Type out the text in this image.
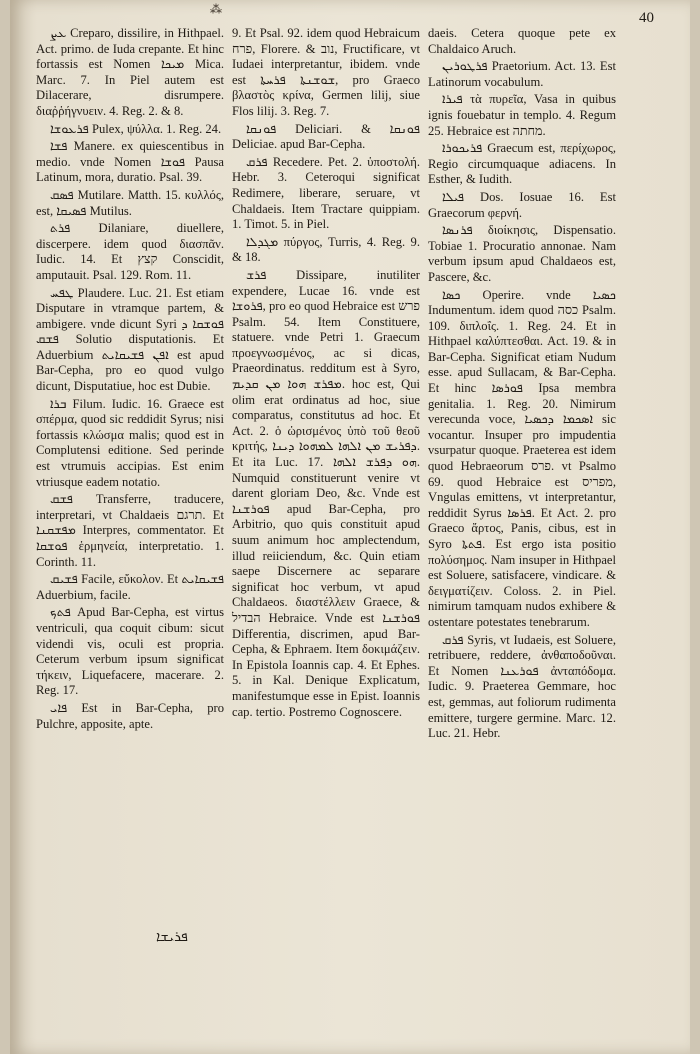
⁂
40

ܥܨ Creparo, dissilire, in Hithpael. Act. primo. de Iuda crepante. Et hinc fortassis est Nomen ܡܝܟܐ Mica. Marc. 7. In Piel autem est Dilacerare, disrumpere. διαῤῥήγνυειν. 4. Reg. 2. & 8.

ܦܪܥܘܫܐ Pulex, ψύλλα. 1. Reg. 24.

ܦܫܐ Manere. ex quiescentibus in medio. vnde Nomen ܦܘܫܐ Pausa Latinum, mora, duratio. Psal. 39.

ܦܣܩ Mutilare. Matth. 15. κυλλός, est, ܦܣܝܩܐ Mutilus.

ܦܪܬ Dilaniare, diuellere, discerpere. idem quod διασπᾶν. Iudic. 14. Et קצץ Conscidit, amputauit. Psal. 129. Rom. 11.

ܛܦܚ Plaudere. Luc. 21. Est etiam Disputare in vtramque partem, & ambigere. vnde dicunt Syri ܦܘܫܩܐ ܕ ܦܫܩ Solutio disputationis. Et Aduerbium ܐܦܢ ܦܫܝܩܐܝܬ est apud Bar-Cepha, pro eo quod vulgo dicunt, Disputatiue, hoc est Dubie.

ܒܪܐ Filum. Iudic. 16. Graece est σπέρμα, quod sic reddidit Syrus; nisi fortassis κλώσμα malis; quod est in Complutensi editione. Sed perinde est vtrumuis accipias. Est enim vtriusque eadem notatio.

ܦܫܩ Transferre, traducere, interpretari, vt Chaldaeis תרגם. Et ܡܦܫܩܢܐ Interpres, commentator. Et ܦܘܫܩܐ ἑρμηνεία, interpretatio. 1. Corinth. 11.

ܦܫܝܩ Facile, εὔκολον. Et ܦܫܝܩܐܝܬ Aduerbium, facile.

ܦܬܟ Apud Bar-Cepha, est virtus ventriculi, qua coquit cibum: sicut videndi vis, oculi est propria. Ceterum verbum ipsum significat τήκειν, Liquefacere, macerare. 2. Reg. 17.

ܦܐܝ Est in Bar-Cepha, pro Pulchre, apposite, apte.

9. Et Psal. 92. idem quod Hebraicum פרח, Florere. & נוב, Fructificare, vt Iudaei interpretantur, ibidem. vnde est ܫܘܫܢܬܐ ܦܪܚܬܐ, pro Graeco βλαστὸς κρίνα, Germen lilij, siue Flos lilij. 3. Reg. 7.

ܦܘܢܩܐ Deliciari. & ܦܘܢܩܐ Deliciae. apud Bar-Cepha.

ܦܪܩ Recedere. Pet. 2. ὑποστολή. Hebr. 3. Ceteroqui significat Redimere, liberare, seruare, vt Chaldaeis. Item Tractare quippiam. 1. Timot. 5. in Piel.

ܡܓܕܠܐ πύργος, Turris, 4. Reg. 9. & 18.

ܦܪܫ Dissipare, inutiliter expendere, Lucae 16. vnde est ܦܪܘܫܐ, pro eo quod Hebraice est פרש Psalm. 54. Item Constituere, statuere. vnde Petri 1. Graecum προεγνωσμένος, ac si dicas, Praeordinatus. redditum est à Syro, ܡܦܪܫ ܗܘܐ ܡܢ ܩܕܝܡ. hoc est, Qui olim erat ordinatus ad hoc, siue comparatus, constitutus ad hoc. Et Act. 2. ὁ ὡρισμένος ὑπὸ τοῦ θεοῦ κριτής, ܕܦܪܝܫ ܡܢ ܐܠܗܐ ܠܡܗܘܐ ܕܝܢܐ. Et ita Luc. 17. ܗܘ ܕܦܪܫ ܐܠܗܐ. Numquid constituerunt venire vt darent gloriam Deo, &c. Vnde est ܦܘܪܫܢܐ apud Bar-Cepha, pro Arbitrio, quo quis constituit apud suum animum hoc amplectendum, illud reiiciendum, &c. Quin etiam saepe Discernere ac separare significat hoc verbum, vt apud Chaldaeos. διαστέλλειν Graece, & הבדיל Hebraice. Vnde est ܦܘܪܫܢܐ Differentia, discrimen, apud Bar-Cepha, & Ephraem. Item δοκιμάζειν. In Epistola Ioannis cap. 4. Et Ephes. 5. in Kal. Denique Explicatum, manifestumque esse in Epist. Ioannis cap. tertio. Postremo Cognoscere.

daeis. Cetera quoque pete ex Chaldaico Aruch.

ܦܪܛܘܪܝܢ Praetorium. Act. 13. Est Latinorum vocabulum.

ܦܝܪܐ τὰ πυρεῖα, Vasa in quibus ignis fouebatur in templo. 4. Regum 25. Hebraice est מחתה.

ܦܪܝܟܘܪܐ Graecum est, περίχωρος, Regio circumquaque adiacens. In Esther, & Iudith.

ܦܝܠܐ Dos. Iosuae 16. Est Graecorum φερνή.

ܦܪܢܣܐ διοίκησις, Dispensatio. Tobiae 1. Procuratio annonae. Nam verbum ipsum apud Chaldaeos est, Pascere, &c.

ܟܣܐ Operire. vnde ܟܣܝܐ Indumentum. idem quod כסה Psalm. 109. διπλοΐς. 1. Reg. 24. Et in Hithpael καλύπτεσθαι. Act. 19. & in Bar-Cepha. Significat etiam Nudum esse. apud Sullacam, & Bar-Cepha. Et hinc ܦܘܪܣܐ Ipsa membra genitalia. 1. Reg. 20. Nimirum verecunda voce, ܐܣܟܡܐ ܕܟܣܝܐ sic vocantur. Insuper pro impudentia vsurpatur quoque. Praeterea est idem quod Hebraeorum פרס. vt Psalmo 69. quod Hebraice est מפריס, Vngulas emittens, vt interpretantur, reddidit Syrus ܦܪܣܐ. Et Act. 2. pro Graeco ἄρτος, Panis, cibus, est in Syro ܦܬܬܐ. Est ergo ista positio πολύσημος. Nam insuper in Hithpael est Soluere, satisfacere, vindicare. & δειγματίζειν. Coloss. 2. in Piel. nimirum tamquam nudos exhibere & ostentare potestates tenebrarum.

ܦܪܩ Syris, vt Iudaeis, est Soluere, retribuere, reddere, ἀνθαποδοῦναι. Et Nomen ܦܘܪܥܢܐ ἀνταπόδομα. Iudic. 9. Praeterea Gemmare, hoc est, gemmas, aut foliorum rudimenta emittere, turgere germine. Marc. 12. Luc. 21. Hebr.

ܦܪܝܫܐ
